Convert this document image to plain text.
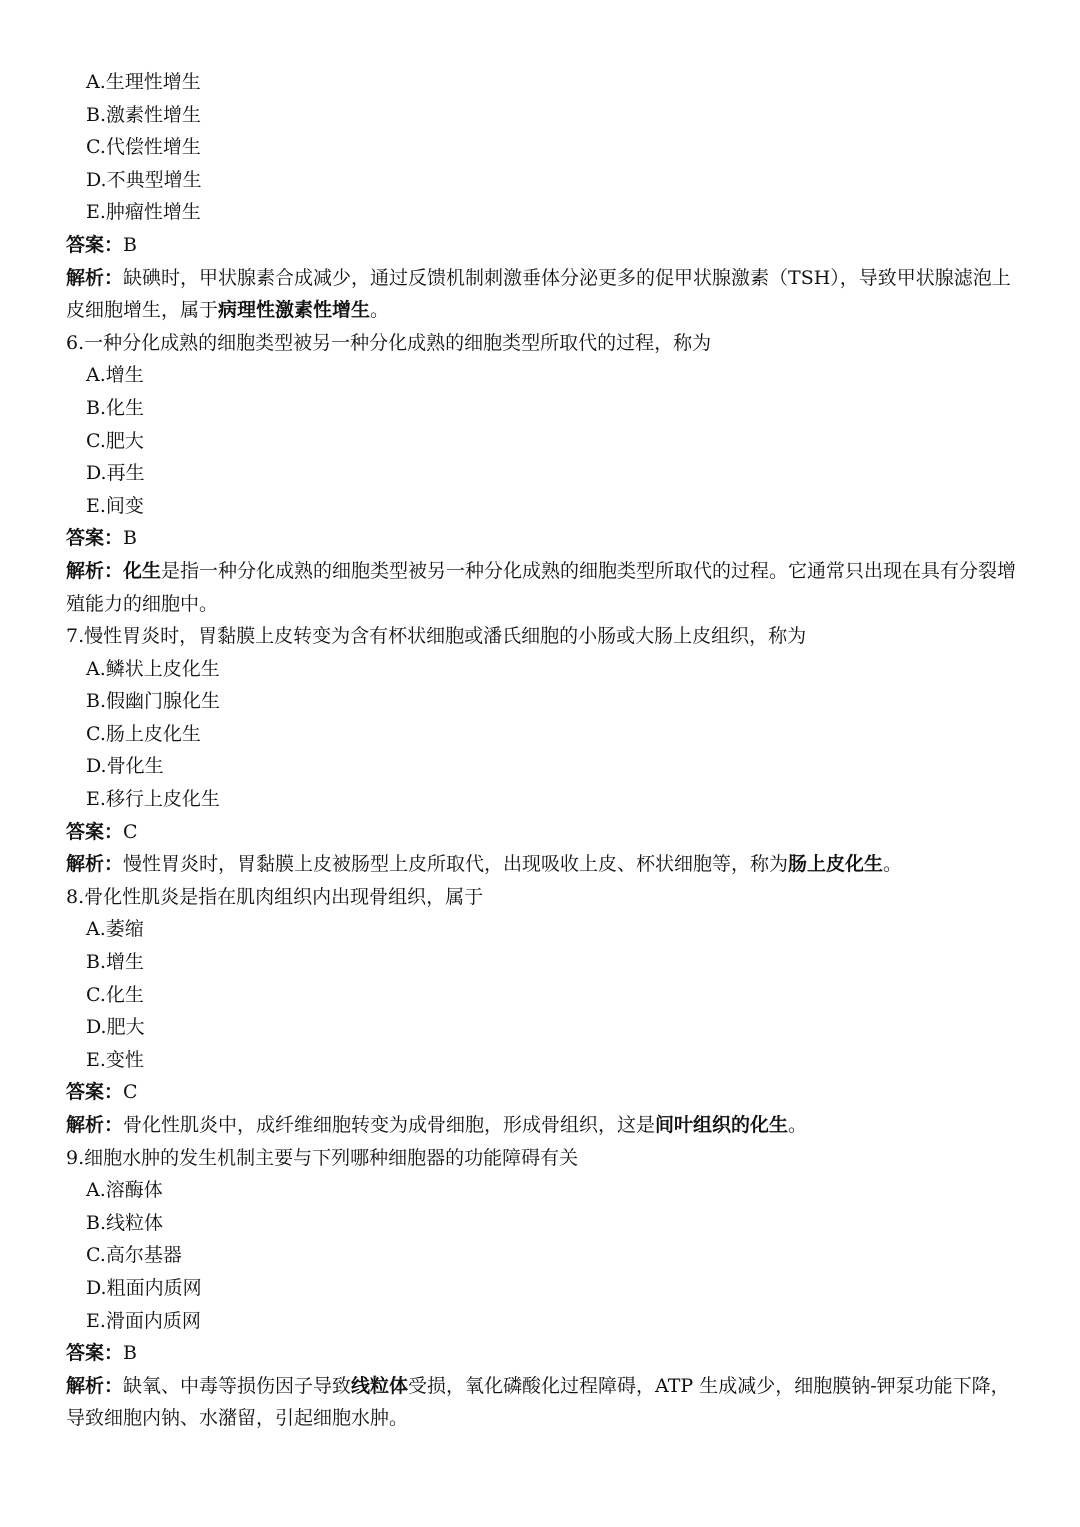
A.生理性增生
B.激素性增生
C.代偿性增生
D.不典型增生
E.肿瘤性增生
答案：B
解析：缺碘时，甲状腺素合成减少，通过反馈机制刺激垂体分泌更多的促甲状腺激素（TSH），导致甲状腺滤泡上皮细胞增生，属于病理性激素性增生。
6.一种分化成熟的细胞类型被另一种分化成熟的细胞类型所取代的过程，称为
A.增生
B.化生
C.肥大
D.再生
E.间变
答案：B
解析：化生是指一种分化成熟的细胞类型被另一种分化成熟的细胞类型所取代的过程。它通常只出现在具有分裂增殖能力的细胞中。
7.慢性胃炎时，胃黏膜上皮转变为含有杯状细胞或潘氏细胞的小肠或大肠上皮组织，称为
A.鳞状上皮化生
B.假幽门腺化生
C.肠上皮化生
D.骨化生
E.移行上皮化生
答案：C
解析：慢性胃炎时，胃黏膜上皮被肠型上皮所取代，出现吸收上皮、杯状细胞等，称为肠上皮化生。
8.骨化性肌炎是指在肌肉组织内出现骨组织，属于
A.萎缩
B.增生
C.化生
D.肥大
E.变性
答案：C
解析：骨化性肌炎中，成纤维细胞转变为成骨细胞，形成骨组织，这是间叶组织的化生。
9.细胞水肿的发生机制主要与下列哪种细胞器的功能障碍有关
A.溶酶体
B.线粒体
C.高尔基器
D.粗面内质网
E.滑面内质网
答案：B
解析：缺氧、中毒等损伤因子导致线粒体受损，氧化磷酸化过程障碍，ATP 生成减少，细胞膜钠-钾泵功能下降，导致细胞内钠、水潴留，引起细胞水肿。
